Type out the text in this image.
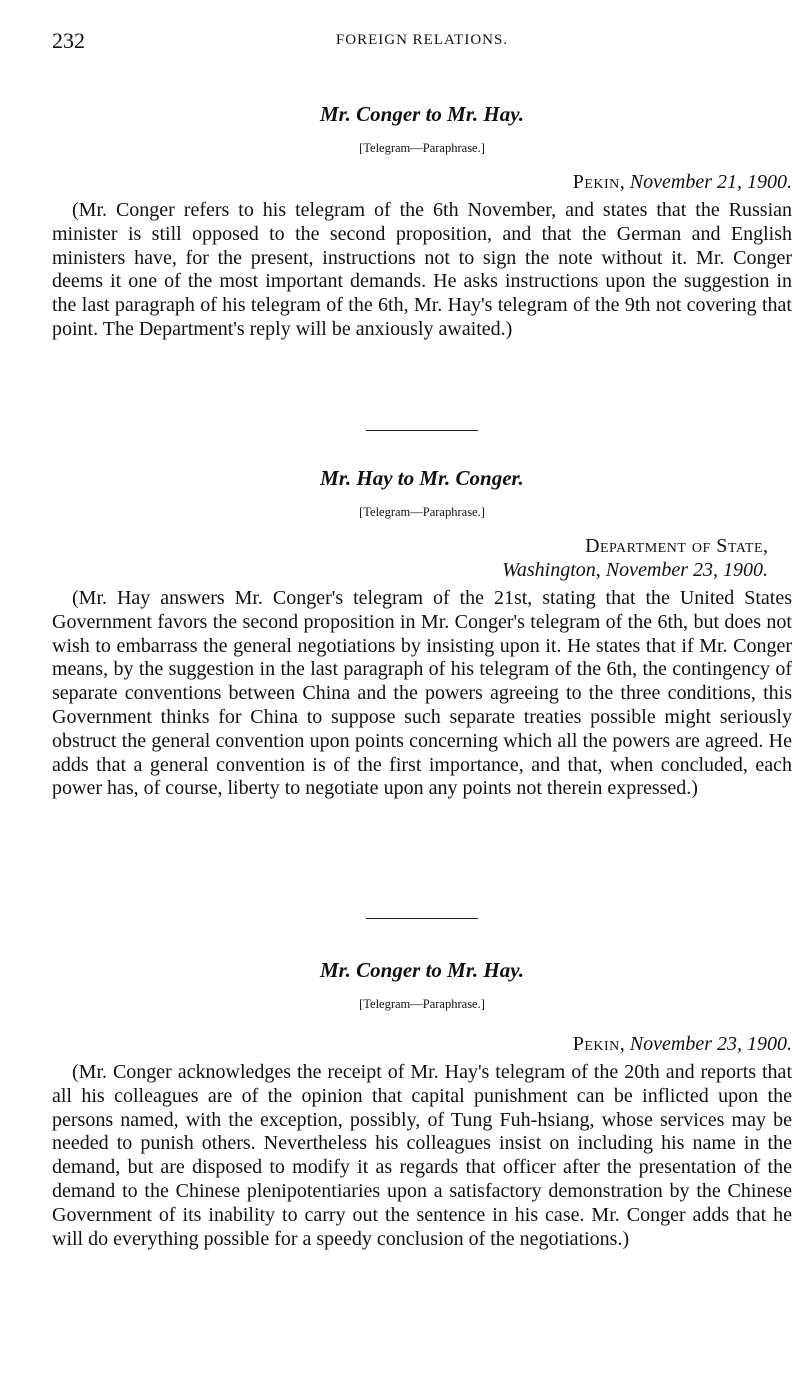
232	FOREIGN RELATIONS.
Mr. Conger to Mr. Hay.

[Telegram—Paraphrase.]

Pekin, November 21, 1900.

(Mr. Conger refers to his telegram of the 6th November, and states that the Russian minister is still opposed to the second proposition, and that the German and English ministers have, for the present, instructions not to sign the note without it. Mr. Conger deems it one of the most important demands. He asks instructions upon the suggestion in the last paragraph of his telegram of the 6th, Mr. Hay's telegram of the 9th not covering that point. The Department's reply will be anxiously awaited.)

Mr. Hay to Mr. Conger.

[Telegram—Paraphrase.]

Department of State,
Washington, November 23, 1900.

(Mr. Hay answers Mr. Conger's telegram of the 21st, stating that the United States Government favors the second proposition in Mr. Conger's telegram of the 6th, but does not wish to embarrass the general negotiations by insisting upon it. He states that if Mr. Conger means, by the suggestion in the last paragraph of his telegram of the 6th, the contingency of separate conventions between China and the powers agreeing to the three conditions, this Government thinks for China to suppose such separate treaties possible might seriously obstruct the general convention upon points concerning which all the powers are agreed. He adds that a general convention is of the first importance, and that, when concluded, each power has, of course, liberty to negotiate upon any points not therein expressed.)

Mr. Conger to Mr. Hay.

[Telegram—Paraphrase.]

Pekin, November 23, 1900.

(Mr. Conger acknowledges the receipt of Mr. Hay's telegram of the 20th and reports that all his colleagues are of the opinion that capital punishment can be inflicted upon the persons named, with the exception, possibly, of Tung Fuh-hsiang, whose services may be needed to punish others. Nevertheless his colleagues insist on including his name in the demand, but are disposed to modify it as regards that officer after the presentation of the demand to the Chinese plenipotentiaries upon a satisfactory demonstration by the Chinese Government of its inability to carry out the sentence in his case. Mr. Conger adds that he will do everything possible for a speedy conclusion of the negotiations.)
